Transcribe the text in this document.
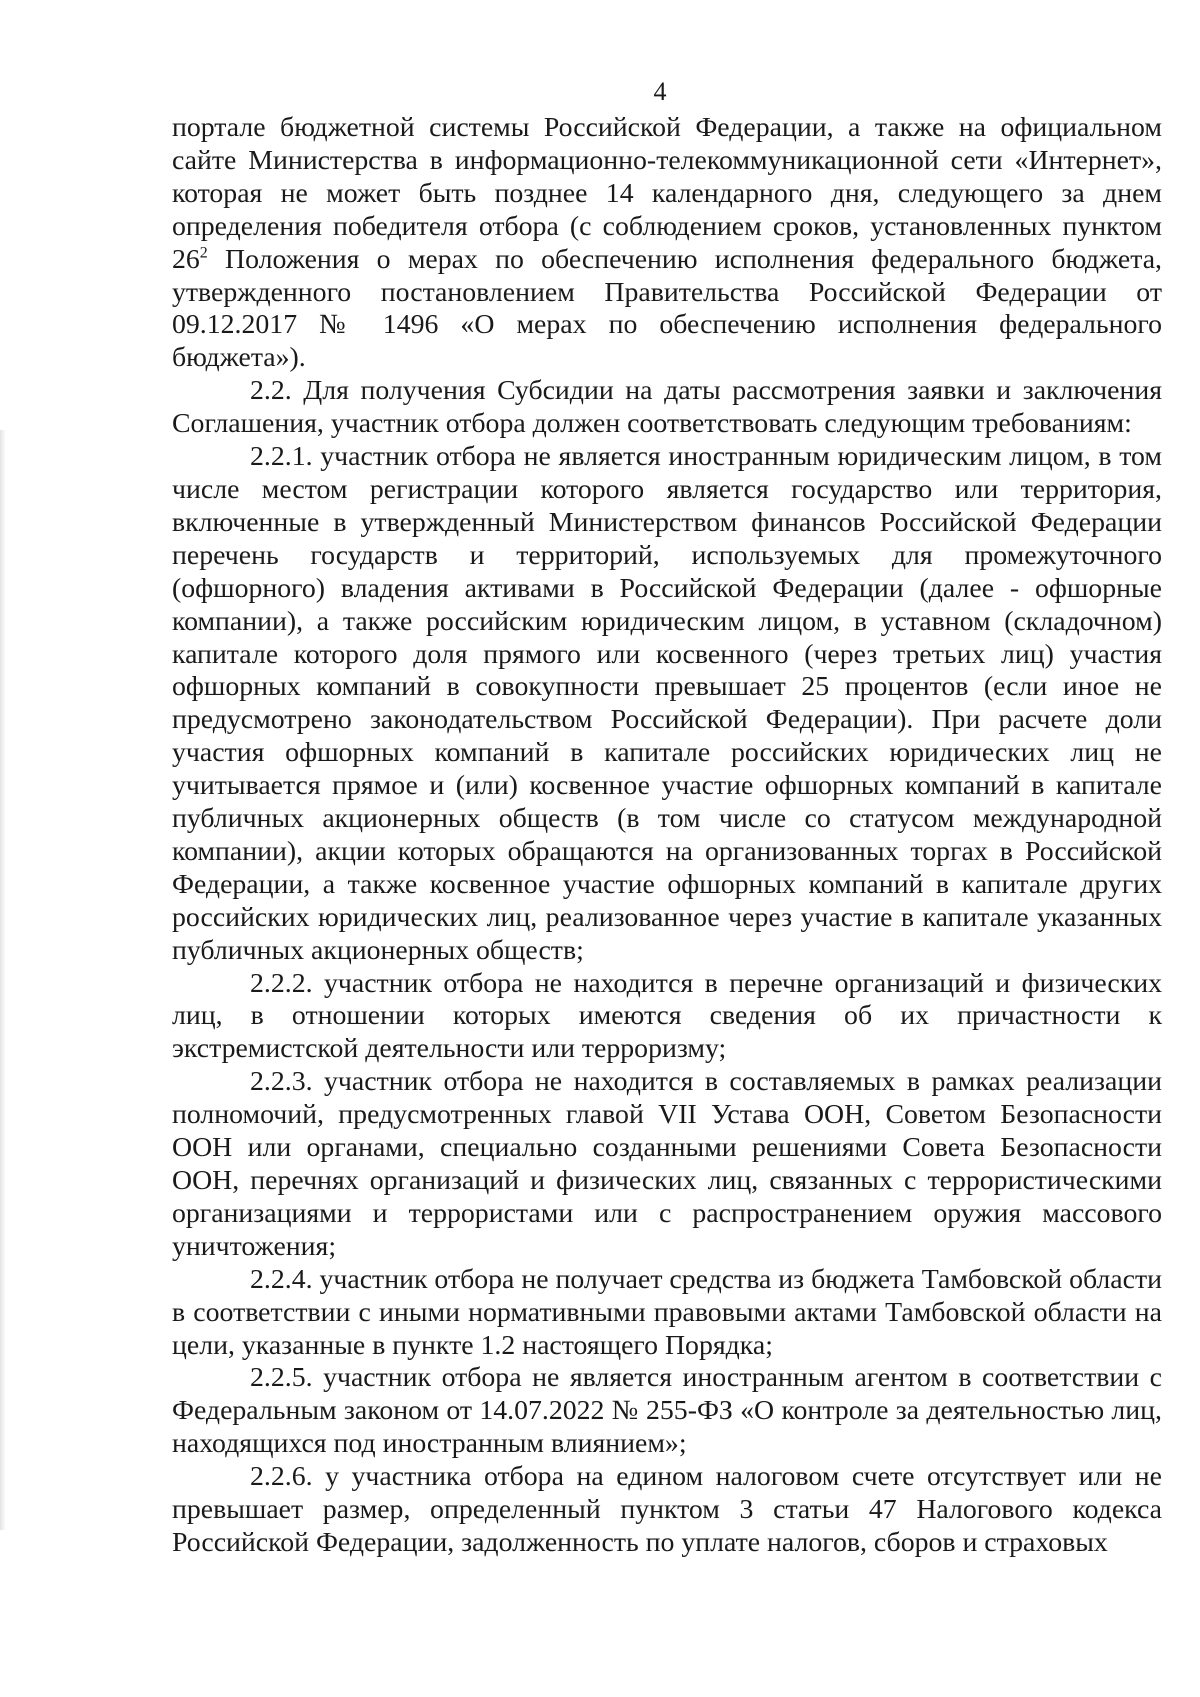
4

портале бюджетной системы Российской Федерации, а также на официальном сайте Министерства в информационно-телекоммуникационной сети «Интернет», которая не может быть позднее 14 календарного дня, следующего за днем определения победителя отбора (с соблюдением сроков, установленных пунктом $26^2$ Положения о мерах по обеспечению исполнения федерального бюджета, утвержденного постановлением Правительства Российской Федерации от 09.12.2017 № 1496 «О мерах по обеспечению исполнения федерального бюджета»).

2.2. Для получения Субсидии на даты рассмотрения заявки и заключения Соглашения, участник отбора должен соответствовать следующим требованиям:

2.2.1. участник отбора не является иностранным юридическим лицом, в том числе местом регистрации которого является государство или территория, включенные в утвержденный Министерством финансов Российской Федерации перечень государств и территорий, используемых для промежуточного (офшорного) владения активами в Российской Федерации (далее - офшорные компании), а также российским юридическим лицом, в уставном (складочном) капитале которого доля прямого или косвенного (через третьих лиц) участия офшорных компаний в совокупности превышает 25 процентов (если иное не предусмотрено законодательством Российской Федерации). При расчете доли участия офшорных компаний в капитале российских юридических лиц не учитывается прямое и (или) косвенное участие офшорных компаний в капитале публичных акционерных обществ (в том числе со статусом международной компании), акции которых обращаются на организованных торгах в Российской Федерации, а также косвенное участие офшорных компаний в капитале других российских юридических лиц, реализованное через участие в капитале указанных публичных акционерных обществ;

2.2.2. участник отбора не находится в перечне организаций и физических лиц, в отношении которых имеются сведения об их причастности к экстремистской деятельности или терроризму;

2.2.3. участник отбора не находится в составляемых в рамках реализации полномочий, предусмотренных главой VII Устава ООН, Советом Безопасности ООН или органами, специально созданными решениями Совета Безопасности ООН, перечнях организаций и физических лиц, связанных с террористическими организациями и террористами или с распространением оружия массового уничтожения;

2.2.4. участник отбора не получает средства из бюджета Тамбовской области в соответствии с иными нормативными правовыми актами Тамбовской области на цели, указанные в пункте 1.2 настоящего Порядка;

2.2.5. участник отбора не является иностранным агентом в соответствии с Федеральным законом от 14.07.2022 № 255-ФЗ «О контроле за деятельностью лиц, находящихся под иностранным влиянием»;

2.2.6. у участника отбора на едином налоговом счете отсутствует или не превышает размер, определенный пунктом 3 статьи 47 Налогового кодекса Российской Федерации, задолженность по уплате налогов, сборов и страховых
